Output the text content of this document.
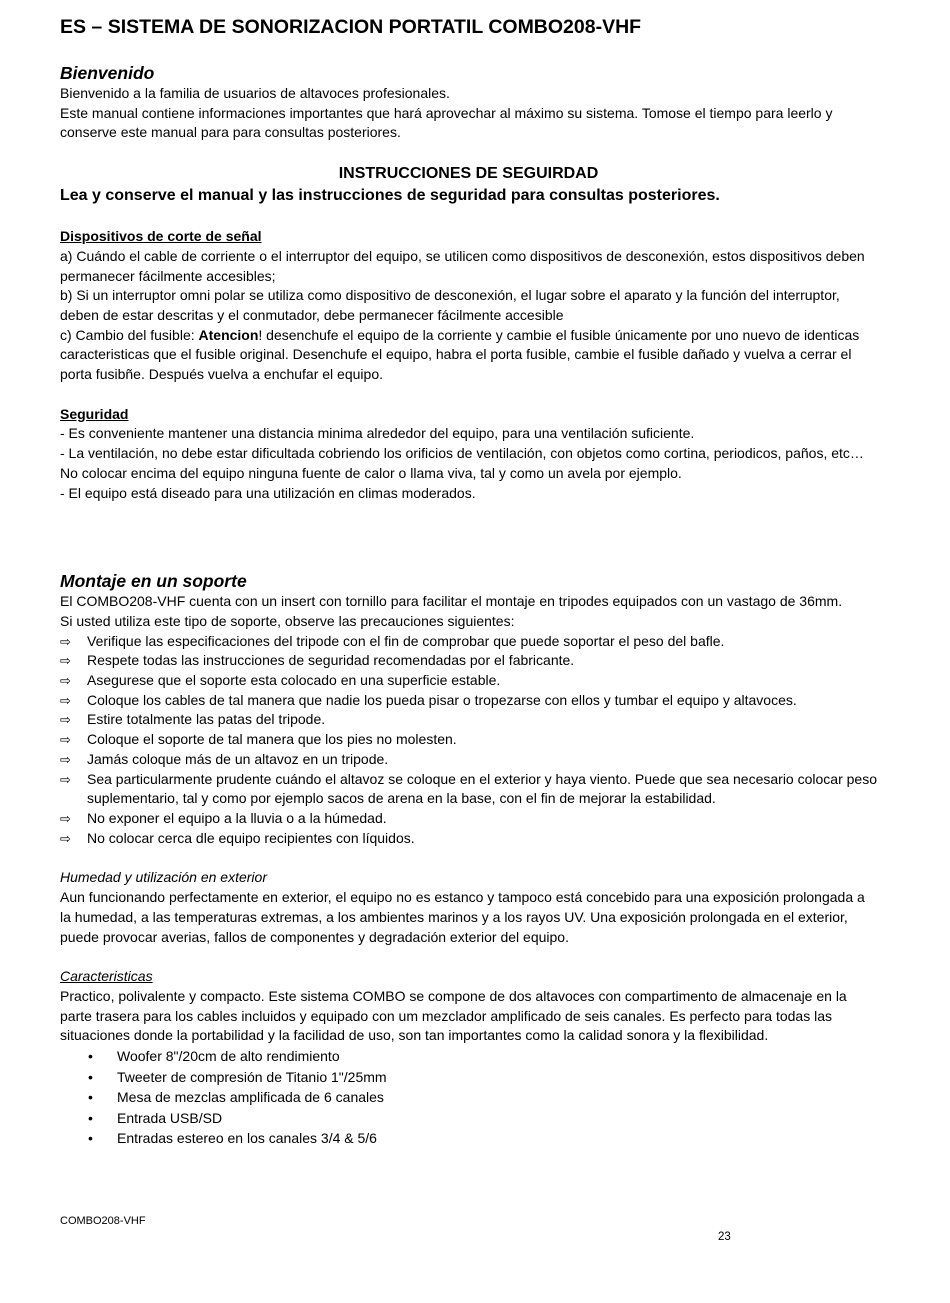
ES – SISTEMA DE SONORIZACION PORTATIL COMBO208-VHF
Bienvenido

Bienvenido a la familia de usuarios de altavoces profesionales.

Este manual contiene informaciones importantes que hará aprovechar al máximo su sistema. Tomose el tiempo para leerlo y conserve este manual para para consultas posteriores.

INSTRUCCIONES DE SEGUIRDAD
Lea y conserve el manual y las instrucciones de seguridad para consultas posteriores.
Dispositivos de corte de señal

a) Cuándo el cable de corriente o el interruptor del equipo, se utilicen como dispositivos de desconexión, estos dispositivos deben permanecer fácilmente accesibles;

b) Si un interruptor omni polar se utiliza como dispositivo de desconexión, el lugar sobre el aparato y la función del interruptor, deben de estar descritas y el conmutador, debe permanecer fácilmente accesible

c) Cambio del fusible: Atencion! desenchufe el equipo de la corriente y cambie el fusible únicamente por uno nuevo de identicas caracteristicas que el fusible original. Desenchufe el equipo, habra el porta fusible, cambie el fusible dañado y vuelva a cerrar el porta fusibñe. Después vuelva a enchufar el equipo.

Seguridad

- Es conveniente mantener una distancia minima alrededor del equipo, para una ventilación suficiente.

- La ventilación, no debe estar dificultada cobriendo los orificios de ventilación, con objetos como cortina, periodicos, paños, etc…

No colocar encima del equipo ninguna fuente de calor o llama viva, tal y como un avela por ejemplo.

- El equipo está diseado para una utilización en climas moderados.

Montaje en un soporte

El COMBO208-VHF cuenta con un insert con tornillo para facilitar el montaje en tripodes equipados con un vastago de 36mm.

Si usted utiliza este tipo de soporte, observe las precauciones siguientes:

⇨	Verifique las especificaciones del tripode con el fin de comprobar que puede soportar el peso del bafle.
⇨	Respete todas las instrucciones de seguridad recomendadas por el fabricante.
⇨	Asegurese que el soporte esta colocado en una superficie estable.
⇨	Coloque los cables de tal manera que nadie los pueda pisar o tropezarse con ellos y tumbar el equipo y altavoces.
⇨	Estire totalmente las patas del tripode.
⇨	Coloque el soporte de tal manera que los pies no molesten.
⇨	Jamás coloque más de un altavoz en un tripode.
⇨	Sea particularmente prudente cuándo el altavoz se coloque en el exterior y haya viento. Puede que sea necesario colocar peso suplementario, tal y como por ejemplo sacos de arena en la base, con el fin de mejorar la estabilidad.
⇨	No exponer el equipo a la lluvia o a la húmedad.
⇨	No colocar cerca dle equipo recipientes con líquidos.
Humedad y utilización en exterior

Aun funcionando perfectamente en exterior, el equipo no es estanco y tampoco está concebido para una exposición prolongada a la humedad, a las temperaturas extremas, a los ambientes marinos y a los rayos UV. Una exposición prolongada en el exterior, puede provocar averias, fallos de componentes y degradación exterior del equipo.

Caracteristicas

Practico, polivalente y compacto. Este sistema COMBO se compone de dos altavoces con compartimento de almacenaje en la parte trasera para los cables incluidos y equipado con um mezclador amplificado de seis canales. Es perfecto para todas las situaciones donde la portabilidad y la facilidad de uso, son tan importantes como la calidad sonora y la flexibilidad.

• Woofer 8"/20cm de alto rendimiento
• Tweeter de compresión de Titanio 1"/25mm
• Mesa de mezclas amplificada de 6 canales
• Entrada USB/SD
• Entradas estereo en los canales 3/4 & 5/6
COMBO208-VHF
23
